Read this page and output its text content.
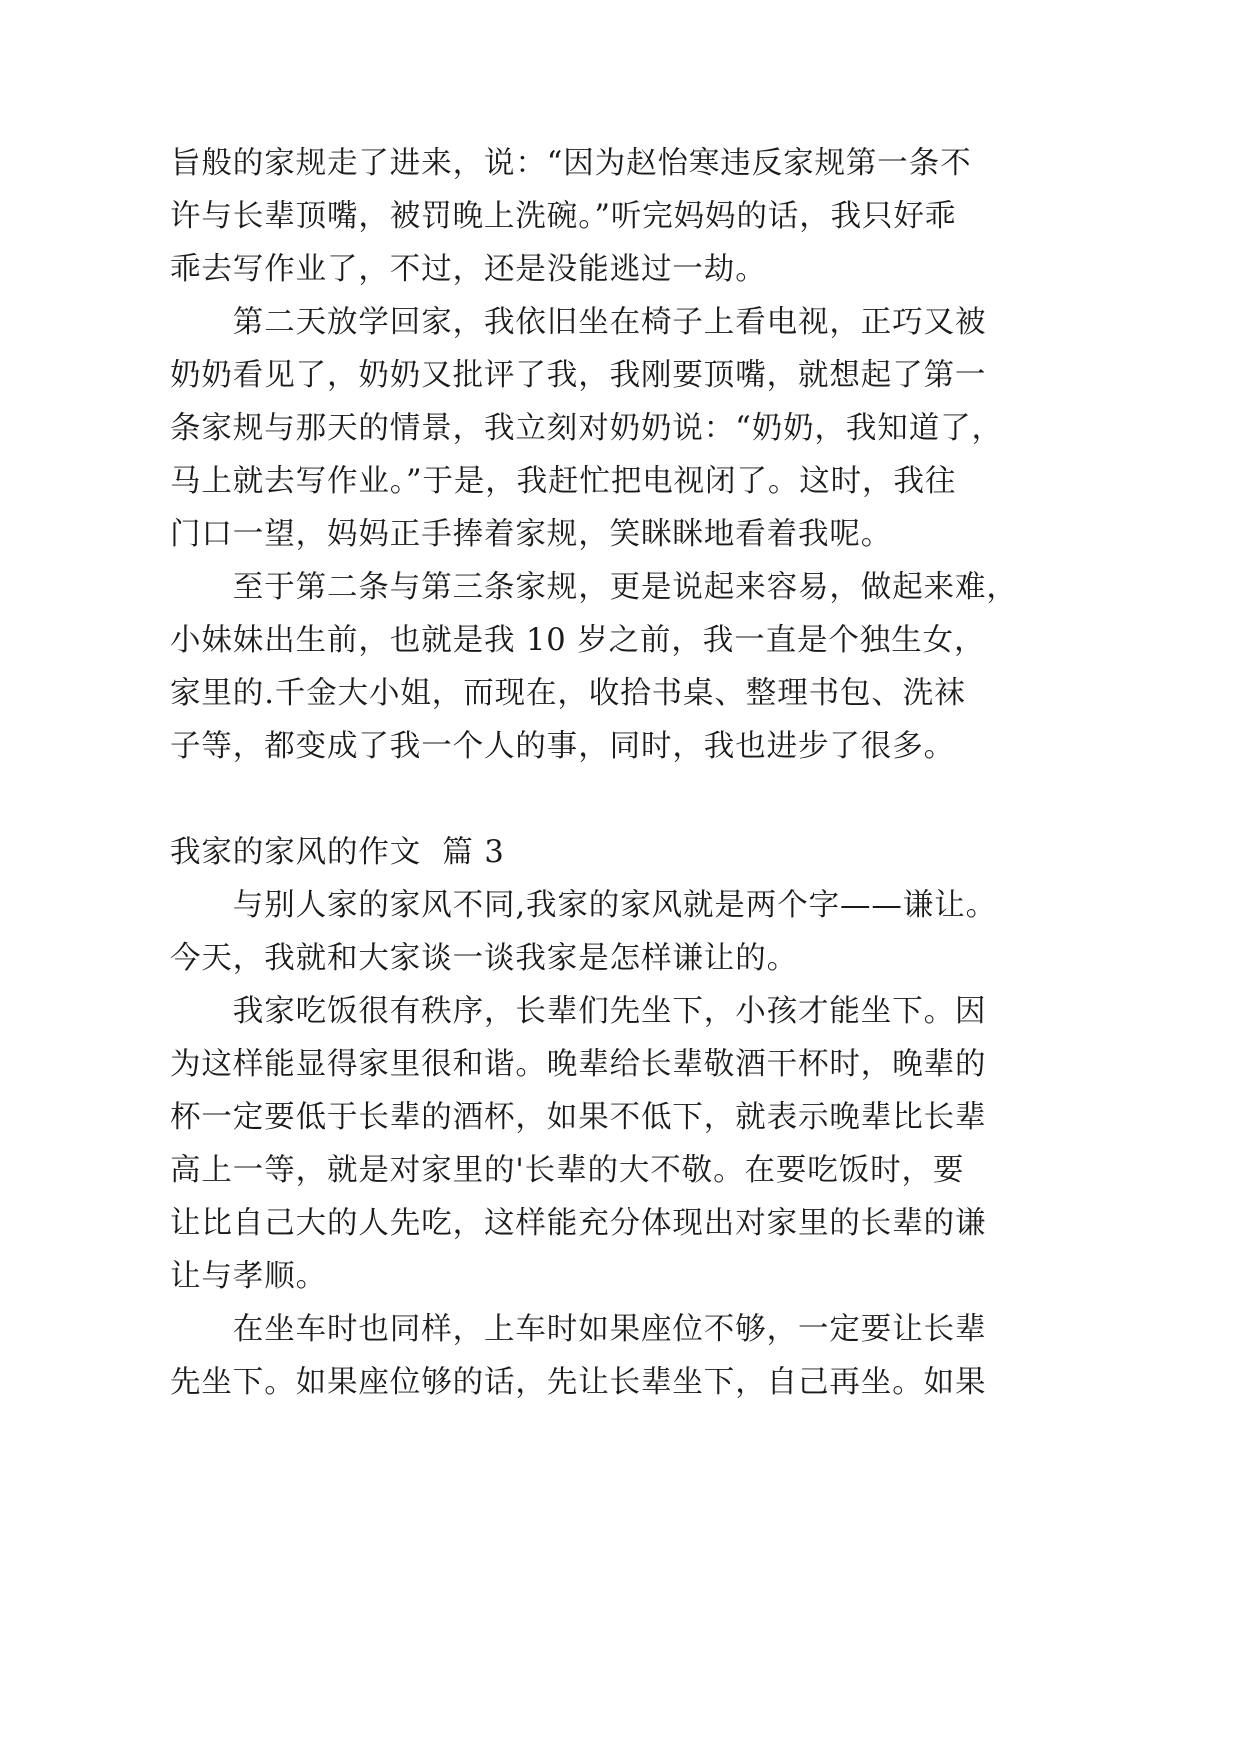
旨般的家规走了进来，说：“因为赵怡寒违反家规第一条不
许与长辈顶嘴，被罚晚上洗碗。”听完妈妈的话，我只好乖
乖去写作业了，不过，还是没能逃过一劫。
　　第二天放学回家，我依旧坐在椅子上看电视，正巧又被
奶奶看见了，奶奶又批评了我，我刚要顶嘴，就想起了第一
条家规与那天的情景，我立刻对奶奶说：“奶奶，我知道了，
马上就去写作业。”于是，我赶忙把电视闭了。这时，我往
门口一望，妈妈正手捧着家规，笑眯眯地看着我呢。
　　至于第二条与第三条家规，更是说起来容易，做起来难，
小妹妹出生前，也就是我 10 岁之前，我一直是个独生女，
家里的.千金大小姐，而现在，收拾书桌、整理书包、洗袜
子等，都变成了我一个人的事，同时，我也进步了很多。
我家的家风的作文  篇 3
　　与别人家的家风不同,我家的家风就是两个字——谦让。
今天，我就和大家谈一谈我家是怎样谦让的。
　　我家吃饭很有秩序，长辈们先坐下，小孩才能坐下。因
为这样能显得家里很和谐。晚辈给长辈敬酒干杯时，晚辈的
杯一定要低于长辈的酒杯，如果不低下，就表示晚辈比长辈
高上一等，就是对家里的'长辈的大不敬。在要吃饭时，要
让比自己大的人先吃，这样能充分体现出对家里的长辈的谦
让与孝顺。
　　在坐车时也同样，上车时如果座位不够，一定要让长辈
先坐下。如果座位够的话，先让长辈坐下，自己再坐。如果
